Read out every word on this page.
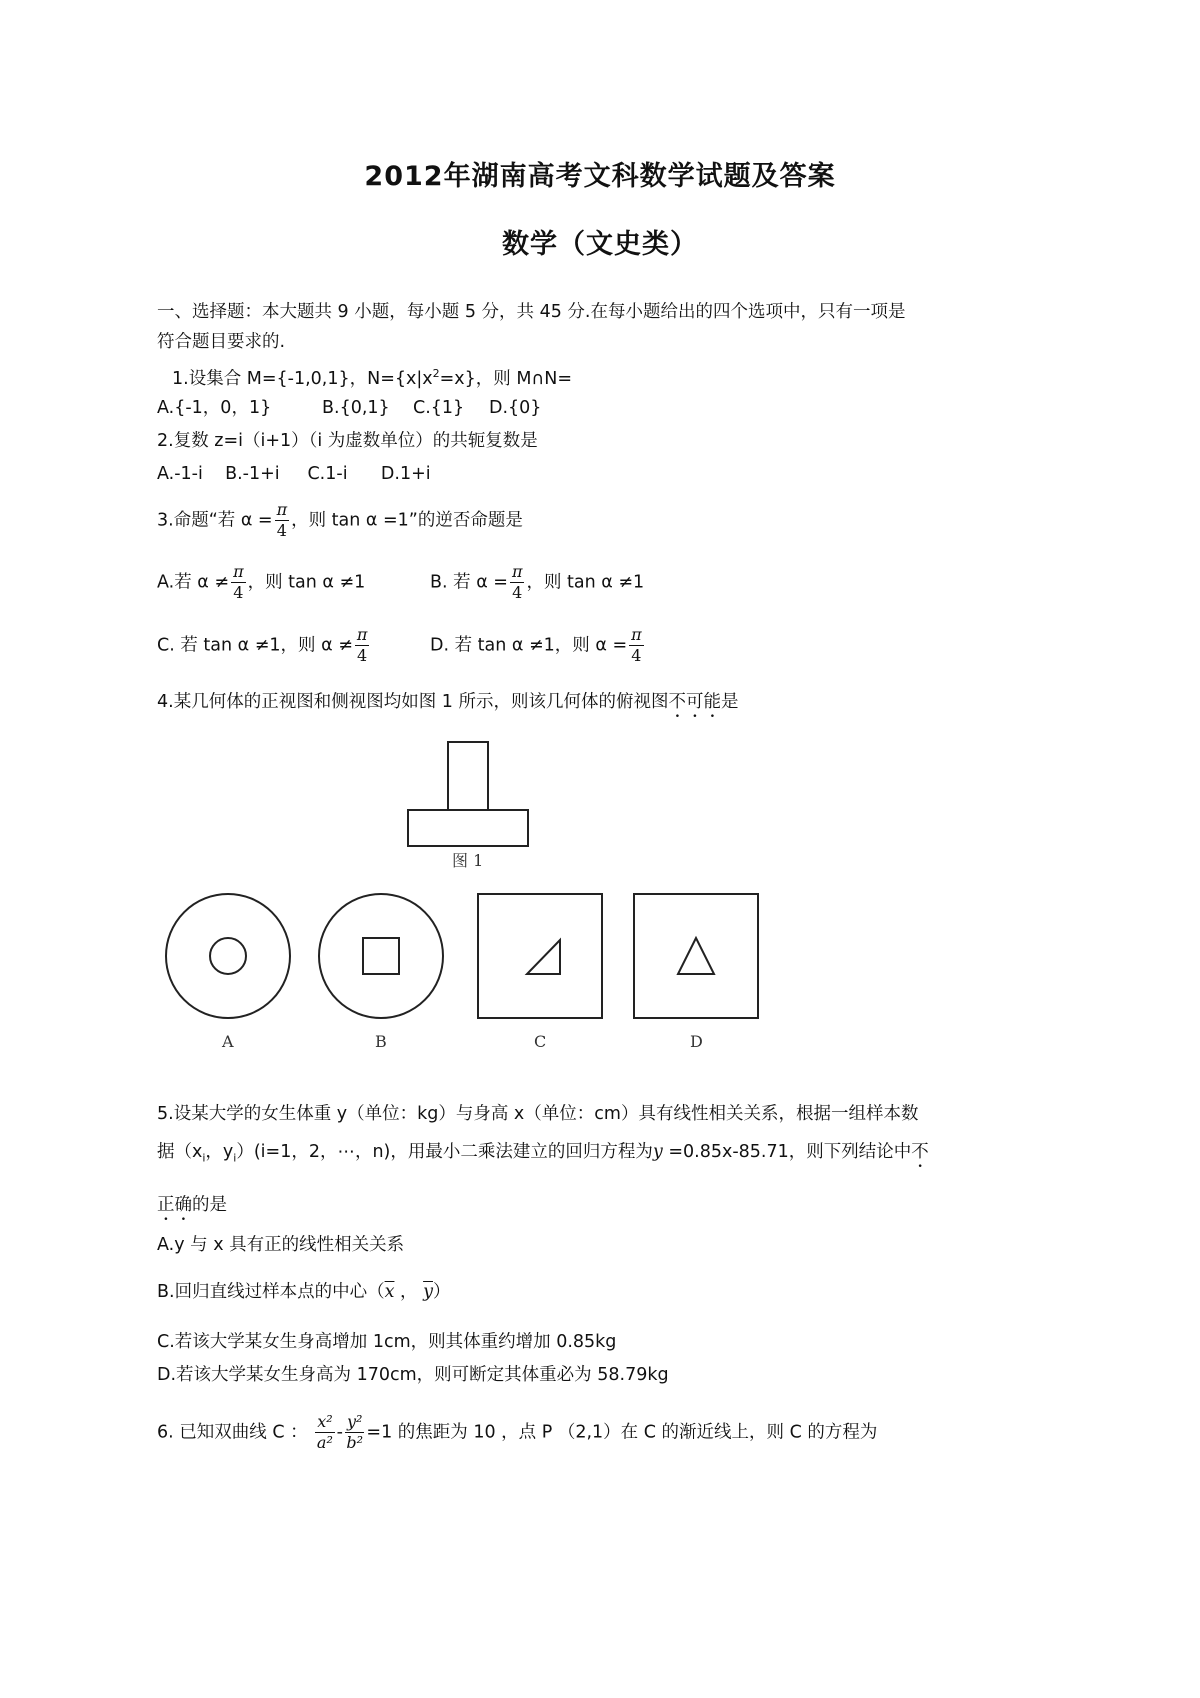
2012年湖南高考文科数学试题及答案
数学（文史类）
一、选择题：本大题共 9 小题，每小题 5 分，共 45 分.在每小题给出的四个选项中，只有一项是
符合题目要求的.
1.设集合 M={-1,0,1}，$N=\{x|x^2=x\}$，则 M∩N=
A.{-1，0，1}	B.{0,1} C.{1} D.{0}
2.复数 z=i（i+1）（i 为虚数单位）的共轭复数是
A.-1-i    B.-1+i     C.1-i      D.1+i
3.命题“若 $\alpha = \frac{\pi}{4}$ ，则 tan α =1”的逆否命题是
A.若 $\alpha \ne \frac{\pi}{4}$ ，则 tan α ≠1	B. 若 $\alpha = \frac{\pi}{4}$ ，则 tan α ≠1
C. 若 tan α ≠1，则 $\alpha \ne \frac{\pi}{4}$	D. 若 tan α ≠1，则 $\alpha = \frac{\pi}{4}$
4.某几何体的正视图和侧视图均如图 1 所示，则该几何体的俯视图不可能是
图 1
A	B	C	D
5.设某大学的女生体重 y（单位：kg）与身高 x（单位：cm）具有线性相关关系，根据一组样本数
据（$x_i$，$y_i)(i=1$，2，⋯，n)，用最小二乘法建立的回归方程为y =0.85x-85.71，则下列结论中不
正确的是
A.y 与 x 具有正的线性相关关系
B.回归直线过样本点的中心（$\overline{x}$ ， $\overline{y}$）
C.若该大学某女生身高增加 1cm，则其体重约增加 0.85kg
D.若该大学某女生身高为 170cm，则可断定其体重必为 58.79kg
6. 已知双曲线 C ： $\frac{\text{x²}}{\text{a²}} - \frac{\text{y²}}{\text{b²}} =1$ 的焦距为 10 ，点 P （2,1）在 C 的渐近线上，则 C 的方程为
